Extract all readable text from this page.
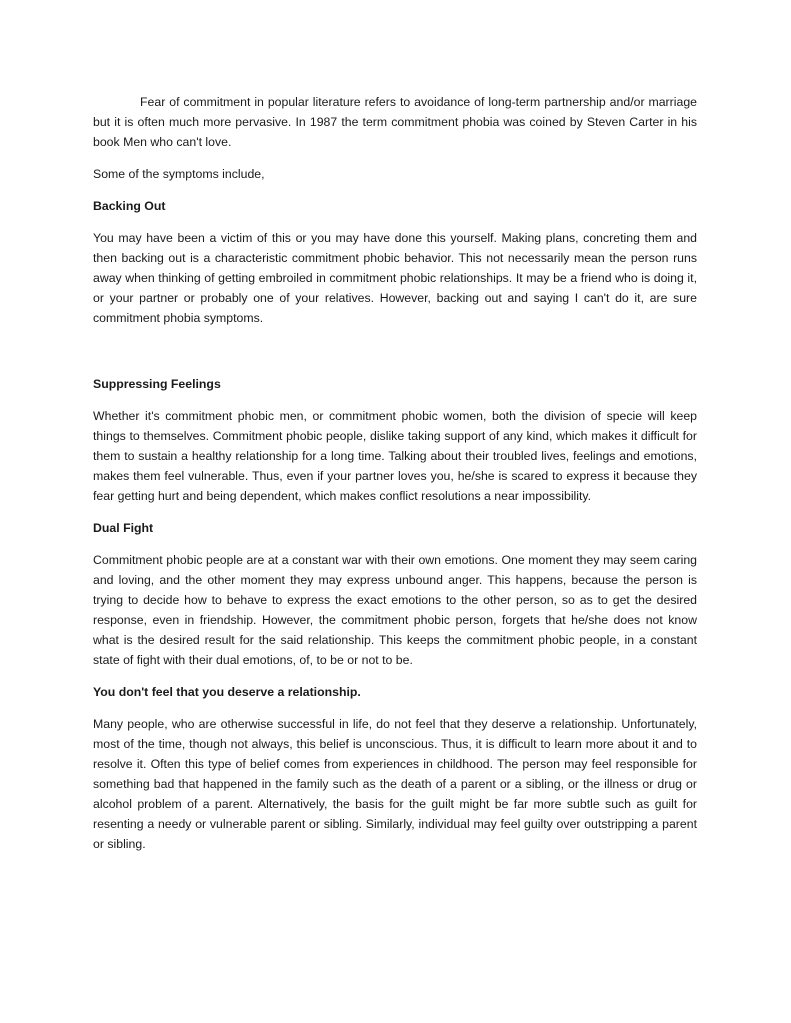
Fear of commitment in popular literature refers to avoidance of long-term partnership and/or marriage but it is often much more pervasive. In 1987 the term commitment phobia was coined by Steven Carter in his book Men who can't love.

Some of the symptoms include,

Backing Out

You may have been a victim of this or you may have done this yourself. Making plans, concreting them and then backing out is a characteristic commitment phobic behavior. This not necessarily mean the person runs away when thinking of getting embroiled in commitment phobic relationships. It may be a friend who is doing it, or your partner or probably one of your relatives. However, backing out and saying I can't do it, are sure commitment phobia symptoms.

Suppressing Feelings

Whether it's commitment phobic men, or commitment phobic women, both the division of specie will keep things to themselves. Commitment phobic people, dislike taking support of any kind, which makes it difficult for them to sustain a healthy relationship for a long time. Talking about their troubled lives, feelings and emotions, makes them feel vulnerable. Thus, even if your partner loves you, he/she is scared to express it because they fear getting hurt and being dependent, which makes conflict resolutions a near impossibility.

Dual Fight

Commitment phobic people are at a constant war with their own emotions. One moment they may seem caring and loving, and the other moment they may express unbound anger. This happens, because the person is trying to decide how to behave to express the exact emotions to the other person, so as to get the desired response, even in friendship. However, the commitment phobic person, forgets that he/she does not know what is the desired result for the said relationship. This keeps the commitment phobic people, in a constant state of fight with their dual emotions, of, to be or not to be.

You don't feel that you deserve a relationship.

Many people, who are otherwise successful in life, do not feel that they deserve a relationship. Unfortunately, most of the time, though not always, this belief is unconscious. Thus, it is difficult to learn more about it and to resolve it. Often this type of belief comes from experiences in childhood. The person may feel responsible for something bad that happened in the family such as the death of a parent or a sibling, or the illness or drug or alcohol problem of a parent. Alternatively, the basis for the guilt might be far more subtle such as guilt for resenting a needy or vulnerable parent or sibling. Similarly, individual may feel guilty over outstripping a parent or sibling.
